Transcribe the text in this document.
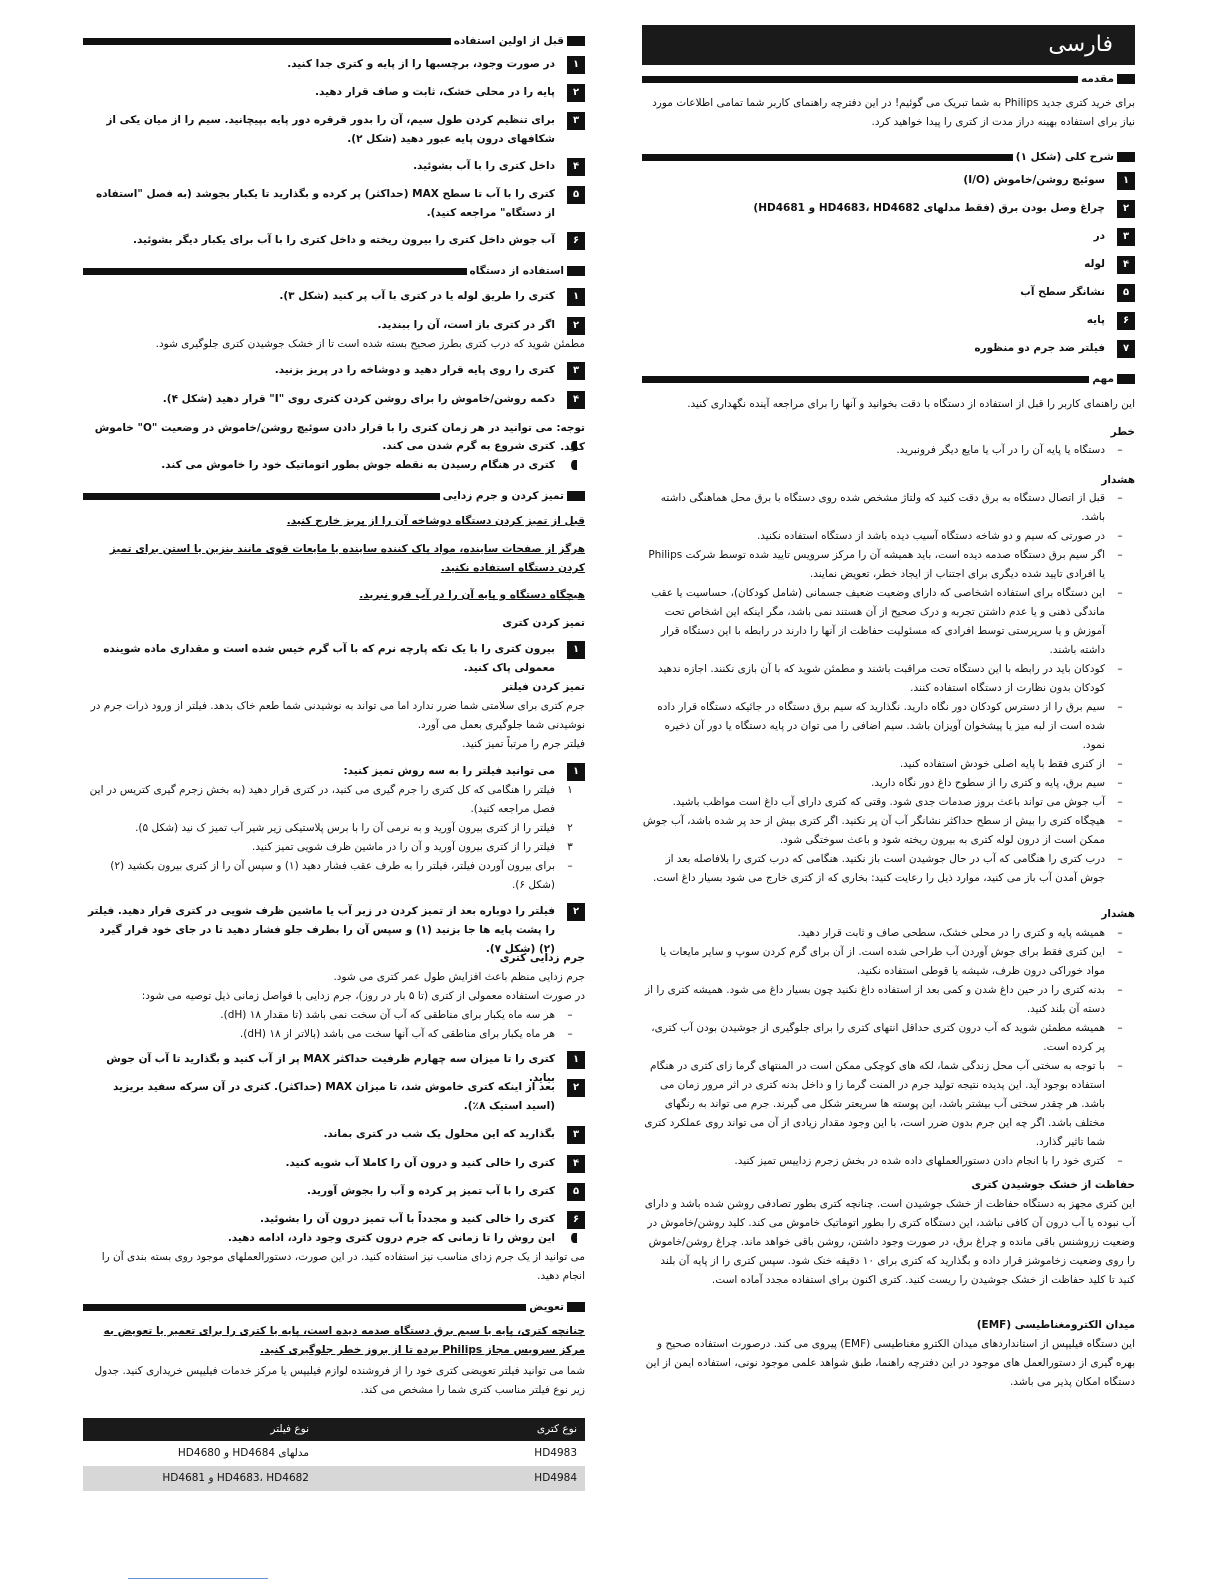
فارسی
مقدمه
برای خرید کتری جدید Philips به شما تبریک می گوئیم! در این دفترچه راهنمای کاربر شما تمامی اطلاعات مورد نیاز برای استفاده بهینه دراز مدت از کتری را پیدا خواهید کرد.
شرح کلی (شکل ۱)
۱
سوئیچ روشن/خاموش (I/O)
۲
چراغ وصل بودن برق (فقط مدلهای HD4683، HD4682 و HD4681)
۳
در
۴
لوله
۵
نشانگر سطح آب
۶
پایه
۷
فیلتر ضد جرم دو منظوره
مهم
این راهنمای کاربر را قبل از استفاده از دستگاه با دقت بخوانید و آنها را برای مراجعه آینده نگهداری کنید.
خطر
–
دستگاه یا پایه آن را در آب یا مایع دیگر فرونبرید.
هشدار
–
قبل از اتصال دستگاه به برق دقت کنید که ولتاژ مشخص شده روی دستگاه با برق محل هماهنگی داشته باشد.
–
در صورتی که سیم و دو شاخه دستگاه آسیب دیده باشد از دستگاه استفاده نکنید.
–
اگر سیم برق دستگاه صدمه دیده است، باید همیشه آن را مرکز سرویس تایید شده توسط شرکت Philips یا افرادی تایید شده دیگری برای اجتناب از ایجاد خطر، تعویض نمایند.
–
این دستگاه برای استفاده اشخاصی که دارای وضعیت ضعیف جسمانی (شامل کودکان)، حساسیت یا عقب ماندگی ذهنی و یا عدم داشتن تجربه و درک صحیح از آن هستند نمی باشد، مگر اینکه این اشخاص تحت آموزش و یا سرپرستی توسط افرادی که مسئولیت حفاظت از آنها را دارند در رابطه با این دستگاه قرار داشته باشند.
–
کودکان باید در رابطه با این دستگاه تحت مراقبت باشند و مطمئن شوید که با آن بازی نکنند. اجازه ندهید کودکان بدون نظارت از دستگاه استفاده کنند.
–
سیم برق را از دسترس کودکان دور نگاه دارید. نگذارید که سیم برق دستگاه در جائیکه دستگاه قرار داده شده است از لبه میز یا پیشخوان آویزان باشد. سیم اضافی را می توان در پایه دستگاه یا دور آن ذخیره نمود.
–
از کتری فقط با پایه اصلی خودش استفاده کنید.
–
سیم برق، پایه و کتری را از سطوح داغ دور نگاه دارید.
–
آب جوش می تواند باعث بروز صدمات جدی شود. وقتی که کتری دارای آب داغ است مواظب باشید.
–
هیچگاه کتری را بیش از سطح حداکثر نشانگر آب آن پر نکنید. اگر کتری بیش از حد پر شده باشد، آب جوش ممکن است از درون لوله کتری به بیرون ریخته شود و باعث سوختگی شود.
–
درب کتری را هنگامی که آب در حال جوشیدن است باز نکنید. هنگامی که درب کتری را بلافاصله بعد از جوش آمدن آب باز می کنید، موارد ذیل را رعایت کنید: بخاری که از کتری خارج می شود بسیار داغ است.
هشدار
–
همیشه پایه و کتری را در محلی خشک، سطحی صاف و ثابت قرار دهید.
–
این کتری فقط برای جوش آوردن آب طراحی شده است. از آن برای گرم کردن سوپ و سایر مایعات یا مواد خوراکی درون ظرف، شیشه یا قوطی استفاده نکنید.
–
بدنه کتری را در حین داغ شدن و کمی بعد از استفاده داغ نکنید چون بسیار داغ می شود. همیشه کتری را از دسته آن بلند کنید.
–
همیشه مطمئن شوید که آب درون کتری حداقل انتهای کتری را برای جلوگیری از جوشیدن بودن آب کتری، پر کرده است.
–
با توجه به سختی آب محل زندگی شما، لکه های کوچکی ممکن است در المنتهای گرما زای کتری در هنگام استفاده بوجود آید. این پدیده نتیجه تولید جرم در المنت گرما زا و داخل بدنه کتری در اثر مرور زمان می باشد. هر چقدر سختی آب بیشتر باشد، این پوسته ها سریعتر شکل می گیرند. جرم می تواند به رنگهای مختلف باشد. اگر چه این جرم بدون ضرر است، با این وجود مقدار زیادی از آن می تواند روی عملکرد کتری شما تاثیر گذارد.
–
کتری خود را با انجام دادن دستورالعملهای داده شده در بخش زجرم زداییس تمیز کنید.
حفاظت از خشک جوشیدن کتری
این کتری مجهز به دستگاه حفاظت از خشک جوشیدن است. چنانچه کتری بطور تصادفی روشن شده باشد و دارای آب نبوده یا آب درون آن کافی نباشد، این دستگاه کتری را بطور اتوماتیک خاموش می کند. کلید روشن/خاموش در وضعیت زروشنس باقی مانده و چراغ برق، در صورت وجود داشتن، روشن باقی خواهد ماند. چراغ روشن/خاموش را روی وضعیت زخاموشز قرار داده و بگذارید که کتری برای ۱۰ دقیقه خنک شود. سپس کتری را از پایه آن بلند کنید تا کلید حفاظت از خشک جوشیدن را ریست کنید. کتری اکنون برای استفاده مجدد آماده است.
میدان الکترومغناطیسی (EMF)
این دستگاه فیلیپس از استانداردهای میدان الکترو مغناطیسی (EMF) پیروی می کند. درصورت استفاده صحیح و بهره گیری از دستورالعمل های موجود در این دفترچه راهنما، طبق شواهد علمی موجود نونی، استفاده ایمن از این دستگاه امکان پذیر می باشد.
قبل از اولین استفاده
۱
در صورت وجود، برچسبها را از پایه و کتری جدا کنید.
۲
پایه را در محلی خشک، ثابت و صاف قرار دهید.
۳
برای تنظیم کردن طول سیم، آن را بدور قرقره دور پایه بپیچانید. سیم را از میان یکی از شکافهای درون پایه عبور دهید (شکل ۲).
۴
داخل کتری را با آب بشوئید.
۵
کتری را با آب تا سطح MAX (حداکثر) پر کرده و بگذارید تا یکبار بجوشد (به فصل "استفاده از دستگاه" مراجعه کنید).
۶
آب جوش داخل کتری را بیرون ریخته و داخل کتری را با آب برای یکبار دیگر بشوئید.
استفاده از دستگاه
۱
کتری را طریق لوله یا در کتری با آب پر کنید (شکل ۳).
۲
اگر در کتری باز است، آن را ببندید.
مطمئن شوید که درب کتری بطرز صحیح بسته شده است تا از خشک جوشیدن کتری جلوگیری شود.
۳
کتری را روی پایه قرار دهید و دوشاخه را در پریز بزنید.
۴
دکمه روشن/خاموش را برای روشن کردن کتری روی "I" قرار دهید (شکل ۴).
توجه: می توانید در هر زمان کتری را با قرار دادن سوئیچ روشن/خاموش در وضعیت "O" خاموش کنید.
کتری شروع به گرم شدن می کند.
کتری در هنگام رسیدن به نقطه جوش بطور اتوماتیک خود را خاموش می کند.
تمیز کردن و جرم زدایی
قبل از تمیز کردن دستگاه دوشاخه آن را از پریز خارج کنید.
هرگز از صفحات ساینده، مواد پاک کننده ساینده یا مایعات قوی مانند بنزین یا استن برای تمیز کردن دستگاه استفاده نکنید.
هیچگاه دستگاه و پایه آن را در آب فرو نبرید.
تمیز کردن کتری
۱
بیرون کتری را با یک تکه پارچه نرم که با آب گرم خیس شده است و مقداری ماده شوینده معمولی پاک کنید.
تمیز کردن فیلتر
جرم کتری برای سلامتی شما ضرر ندارد اما می تواند به نوشیدنی شما طعم خاک بدهد. فیلتر از ورود ذرات جرم در نوشیدنی شما جلوگیری بعمل می آورد.
فیلتر جرم را مرتباً تمیز کنید.
۱
می توانید فیلتر را به سه روش تمیز کنید:
۱
فیلتر را هنگامی که کل کتری را جرم گیری می کنید، در کتری قرار دهید (به بخش زجرم گیری کتریس در این فصل مراجعه کنید).
۲
فیلتر را از کتری بیرون آورید و به نرمی آن را با برس پلاستیکی زیر شیر آب تمیز ک نید (شکل ۵).
۳
فیلتر را از کتری بیرون آورید و آن را در ماشین ظرف شویی تمیز کنید.
–
برای بیرون آوردن فیلتر، فیلتر را به طرف عقب فشار دهید (۱) و سپس آن را از کتری بیرون بکشید (۲) (شکل ۶).
۲
فیلتر را دوباره بعد از تمیز کردن در زیر آب یا ماشین ظرف شویی در کتری قرار دهید. فیلتر را پشت پایه ها جا بزنید (۱) و سپس آن را بطرف جلو فشار دهید تا در جای خود قرار گیرد (۲) (شکل ۷).
جرم زدایی کتری
جرم زدایی منظم باعث افزایش طول عمر کتری می شود.
در صورت استفاده معمولی از کتری (تا ۵ بار در روز)، جرم زدایی با فواصل زمانی ذیل توصیه می شود:
–
هر سه ماه یکبار برای مناطقی که آب آن سخت نمی باشد (تا مقدار ۱۸ (dH).
–
هر ماه یکبار برای مناطقی که آب آنها سخت می باشد (بالاتر از ۱۸ (dH).
۱
کتری را تا میزان سه چهارم ظرفیت حداکثر MAX پر از آب کنید و بگذارید تا آب آن جوش بیاید.
۲
بعد از اینکه کتری خاموش شد، تا میزان MAX (حداکثر). کتری در آن سرکه سفید بریزید (اسید استیک ۸٪).
۳
بگذارید که این محلول یک شب در کتری بماند.
۴
کتری را خالی کنید و درون آن را کاملا آب شویه کنید.
۵
کتری را با آب تمیز پر کرده و آب را بجوش آورید.
۶
کتری را خالی کنید و مجدداً با آب تمیز درون آن را بشوئید.
این روش را تا زمانی که جرم درون کتری وجود دارد، ادامه دهید.
می توانید از یک جرم زدای مناسب نیز استفاده کنید. در این صورت، دستورالعملهای موجود روی بسته بندی آن را انجام دهید.
تعویض
چنانچه کتری، پایه یا سیم برق دستگاه صدمه دیده است، پایه یا کتری را برای تعمیر یا تعویض به مرکز سرویس مجاز Philips برده تا از بروز خطر جلوگیری کنید.
شما می توانید فیلتر تعویضی کتری خود را از فروشنده لوازم فیلیپس یا مرکز خدمات فیلیپس خریداری کنید. جدول زیر نوع فیلتر مناسب کتری شما را مشخص می کند.
نوع کتری	نوع فیلتر
HD4983	مدلهای HD4684 و HD4680
HD4984	HD4683، HD4682 و HD4681
